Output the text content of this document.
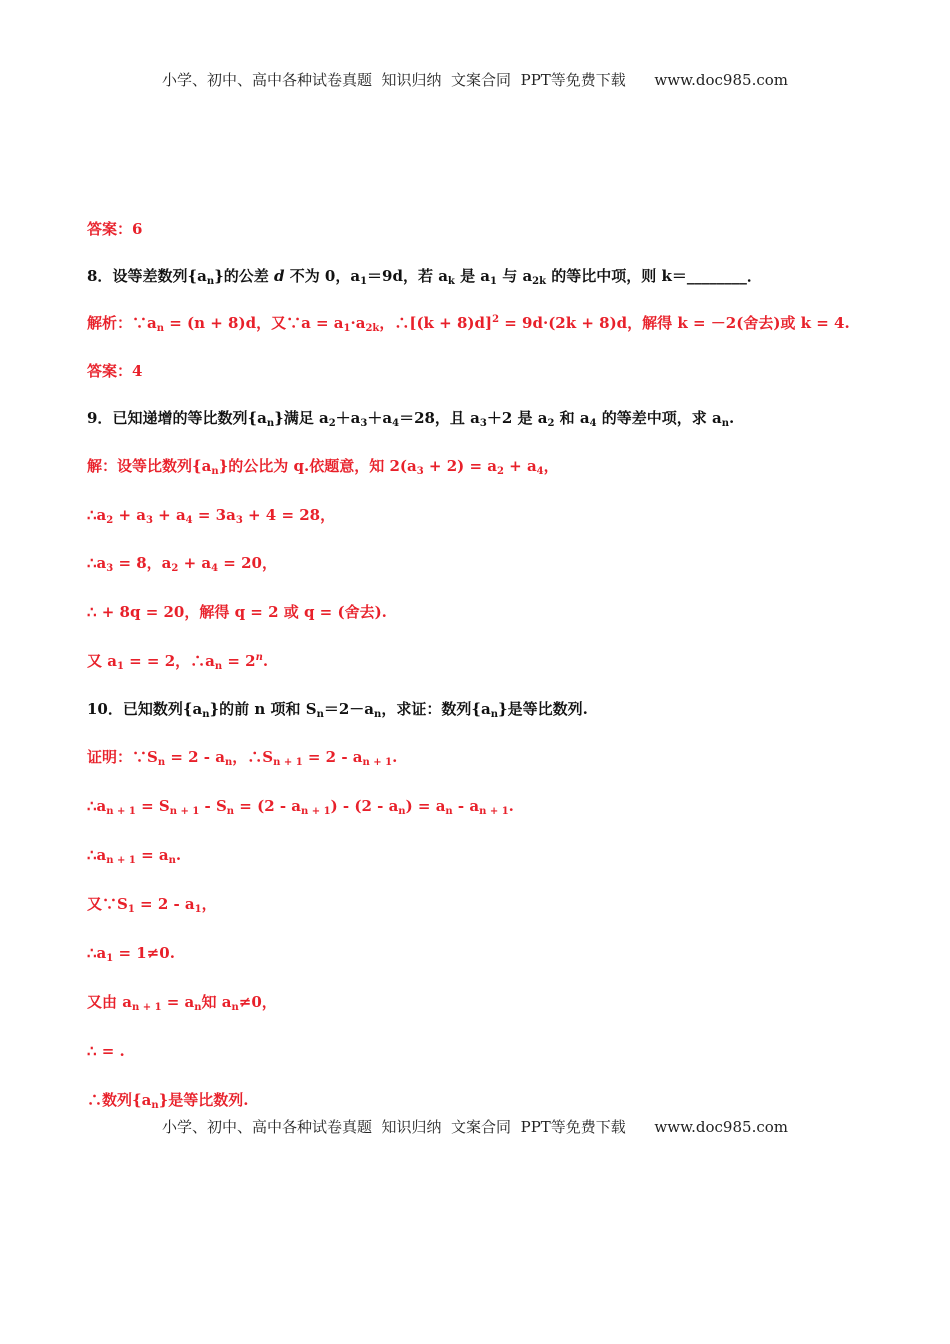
小学、初中、高中各种试卷真题  知识归纳  文案合同  PPT等免费下载      www.doc985.com
答案：6
8．设等差数列$\{a_n\}$的公差 d 不为 0，$a_1=9d$，若 $a_k$ 是 $a_1$ 与 $a_{2k}$ 的等比中项，则 k＝________．
解析：$\because a_n = (n + 8)d$，又∵a = $a_1\cdot a_{2k}$，∴[(k + 8)d]$^2$ = 9d·(2k + 8)d，解得 k = －2(舍去)或 k = 4.
答案：4
9．已知递增的等比数列$\{a_n\}$满足 $a_2+a_3+a_4=28$，且 $a_3+2$ 是 $a_2$ 和 $a_4$ 的等差中项，求 $a_n$.
解：设等比数列$\{a_n\}$的公比为 q.依题意，知 $2(a_3 + 2) = a_2 + a_4$，
$\therefore a_2 + a_3 + a_4 = 3a_3 + 4 = 28$，
$\therefore a_3 = 8$，$a_2 + a_4 = 20$，
∴ + 8q = 20，解得 q = 2 或 q = (舍去).
又 $a_1$ = = 2，$\therefore a_n = 2^n$.
10．已知数列$\{a_n\}$的前 n 项和 $S_n=2-a_n$，求证：数列$\{a_n\}$是等比数列.
证明：$\because S_n = 2 - a_n$，$\therefore S_{n + 1} = 2 - a_{n + 1}$.
$\therefore a_{n + 1} = S_{n + 1} - S_n = (2 - a_{n + 1}) - (2 - a_n) = a_n - a_{n + 1}$.
$\therefore a_{n + 1} = a_n$.
又$\because S_1 = 2 - a_1$，
$\therefore a_1 = 1\ne 0$.
又由 $a_{n + 1} = a_n$知 $a_n\ne 0$，
∴ = .
∴数列$\{a_n\}$是等比数列.
小学、初中、高中各种试卷真题  知识归纳  文案合同  PPT等免费下载      www.doc985.com
